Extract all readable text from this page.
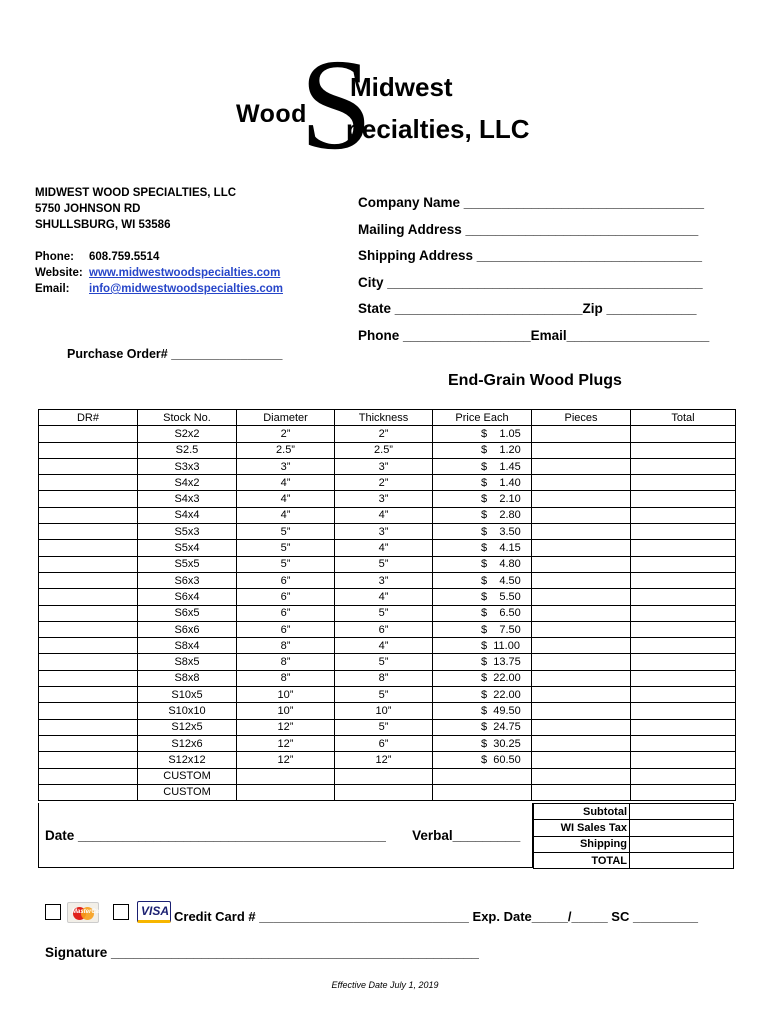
Wood
S
Midwest
pecialties, LLC
MIDWEST WOOD SPECIALTIES, LLC
5750 JOHNSON RD
SHULLSBURG, WI 53586
Phone: 608.759.5514
Website: www.midwestwoodspecialties.com
Email: info@midwestwoodspecialties.com
Company Name ________________________________
Mailing Address _______________________________
Shipping Address ______________________________
City __________________________________________
State _________________________Zip ____________
Phone _________________Email___________________
Purchase Order# ________________
End-Grain Wood Plugs
DR#	Stock No.	Diameter	Thickness	Price Each	Pieces	Total
	S2x2	2”	2”	$    1.05		
	S2.5	2.5”	2.5”	$    1.20		
	S3x3	3”	3”	$    1.45		
	S4x2	4”	2”	$    1.40		
	S4x3	4”	3”	$    2.10		
	S4x4	4”	4”	$    2.80		
	S5x3	5”	3”	$    3.50		
	S5x4	5”	4”	$    4.15		
	S5x5	5”	5”	$    4.80		
	S6x3	6”	3”	$    4.50		
	S6x4	6”	4”	$    5.50		
	S6x5	6”	5”	$    6.50		
	S6x6	6”	6”	$    7.50		
	S8x4	8”	4”	$  11.00		
	S8x5	8”	5”	$  13.75		
	S8x8	8”	8”	$  22.00		
	S10x5	10”	5”	$  22.00		
	S10x10	10”	10”	$  49.50		
	S12x5	12”	5”	$  24.75		
	S12x6	12”	6”	$  30.25		
	S12x12	12”	12”	$  60.50		
	CUSTOM					
	CUSTOM					
Date _________________________________________       Verbal_________
Subtotal	
WI Sales Tax	
Shipping	
TOTAL	
MasterCard	VISA Credit Card # _____________________________ Exp. Date_____/_____ SC _________
Signature _________________________________________________
Effective Date July 1, 2019
